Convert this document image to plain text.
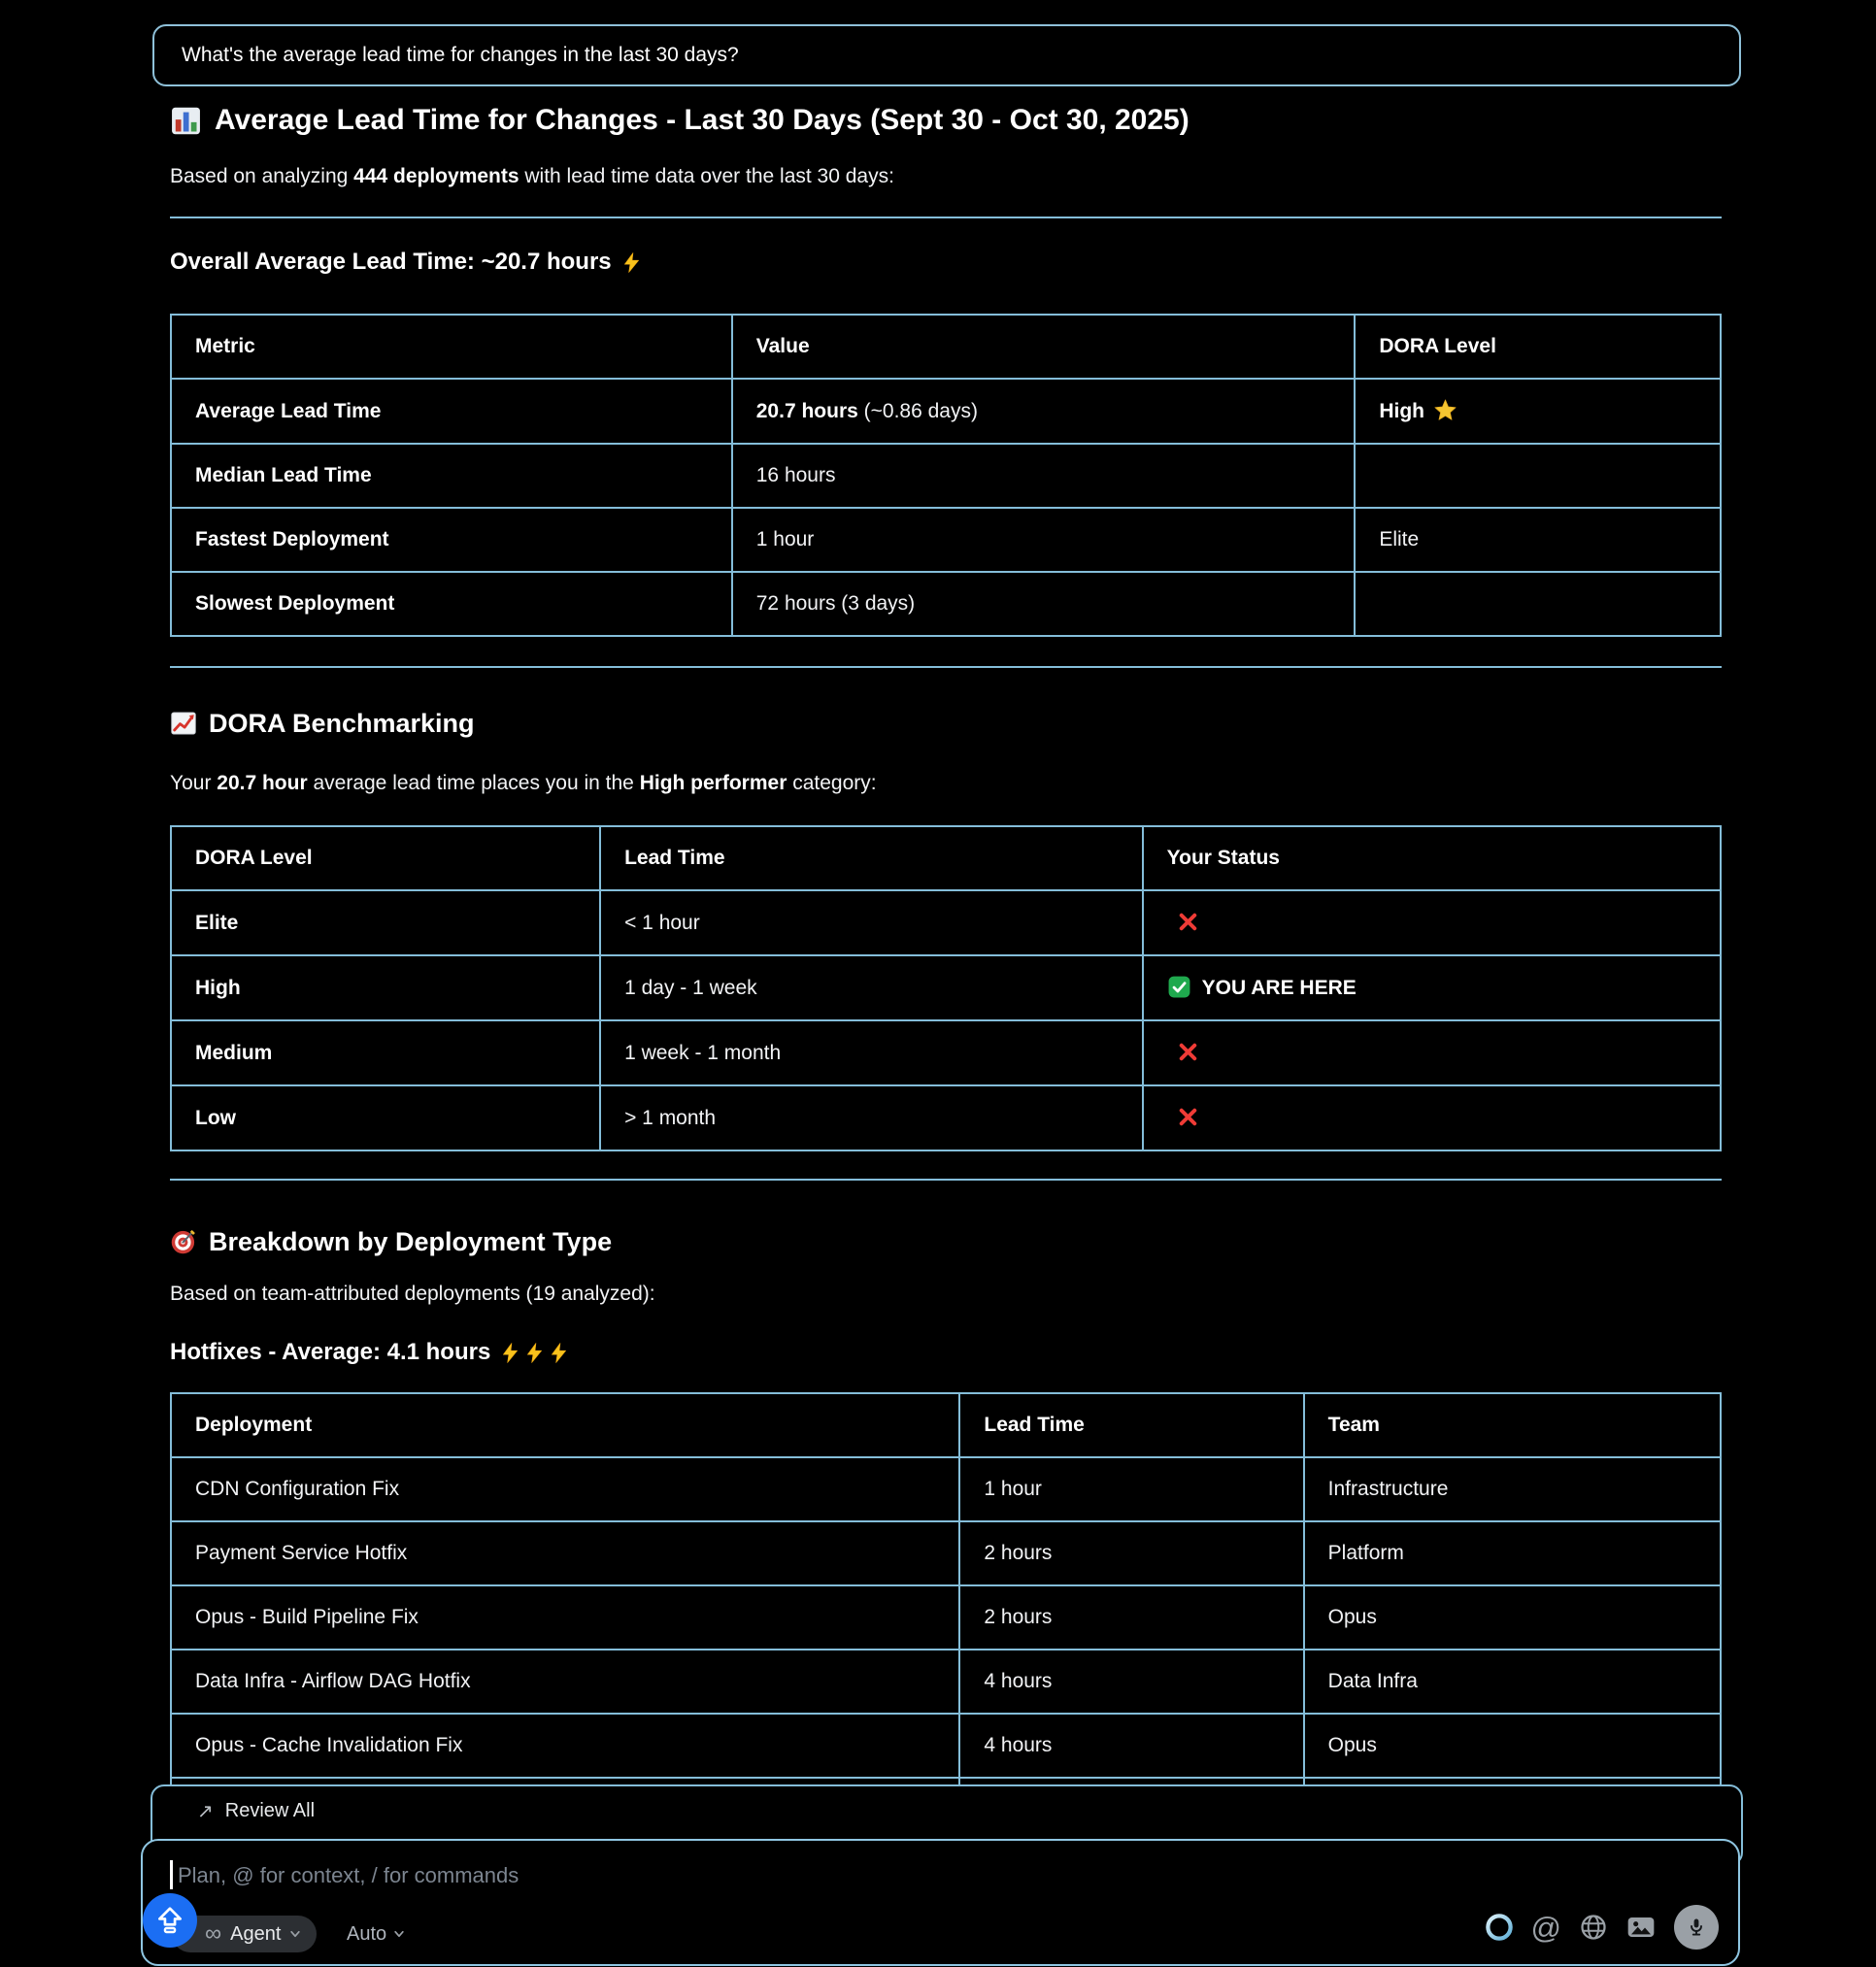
What's the average lead time for changes in the last 30 days?
Average Lead Time for Changes - Last 30 Days (Sept 30 - Oct 30, 2025)

Based on analyzing 444 deployments with lead time data over the last 30 days:

Overall Average Lead Time: ~20.7 hours
Metric	Value	DORA Level
Average Lead Time	20.7 hours (~0.86 days)	High

Median Lead Time	16 hours	
Fastest Deployment	1 hour	Elite
Slowest Deployment	72 hours (3 days)	
DORA Benchmarking

Your 20.7 hour average lead time places you in the High performer category:

DORA Level	Lead Time	Your Status
Elite	< 1 hour	

High	1 day - 1 week	YOU ARE HERE
Medium	1 week - 1 month	

Low	> 1 month	
Breakdown by Deployment Type

Based on team-attributed deployments (19 analyzed):

Hotfixes - Average: 4.1 hours
Deployment	Lead Time	Team
CDN Configuration Fix	1 hour	Infrastructure
Payment Service Hotfix	2 hours	Platform
Opus - Build Pipeline Fix	2 hours	Opus
Data Infra - Airflow DAG Hotfix	4 hours	Data Infra
Opus - Cache Invalidation Fix	4 hours	Opus

↗ Review All
Plan, @ for context, / for commands
∞ Agent	Auto	@
